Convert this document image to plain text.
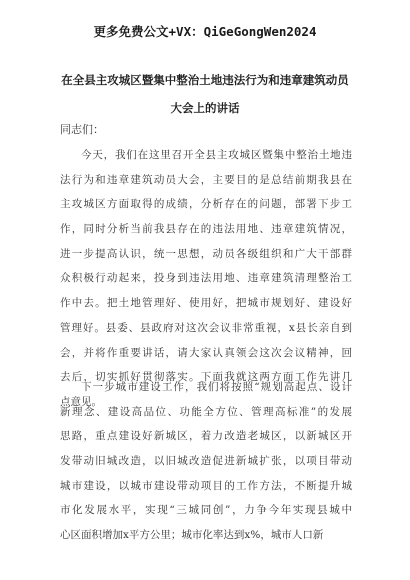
更多免费公文+VX：QiGeGongWen2024
在全县主攻城区暨集中整治土地违法行为和违章建筑动员
大会上的讲话
同志们：
今天，我们在这里召开全县主攻城区暨集中整治土地违
法行为和违章建筑动员大会，主要目的是总结前期我县在
主攻城区方面取得的成绩，分析存在的问题，部署下步工
作，同时分析当前我县存在的违法用地、违章建筑情况，
进一步提高认识，统一思想，动员各级组织和广大干部群
众积极行动起来，投身到违法用地、违章建筑清理整治工
作中去。把土地管理好、使用好，把城市规划好、建设好
管理好。县委、县政府对这次会议非常重视，x县长亲自到
会，并将作重要讲话，请大家认真领会这次会议精神，回
去后，切实抓好贯彻落实。下面我就这两方面工作先讲几
点意见。
下一步城市建设工作，我们将按照“规划高起点、设计
新理念、建设高品位、功能全方位、管理高标准”的发展
思路，重点建设好新城区，着力改造老城区，以新城区开
发带动旧城改造，以旧城改造促进新城扩张，以项目带动
城市建设，以城市建设带动项目的工作方法，不断提升城
市化发展水平，实现“三城同创”，力争今年实现县城中
心区面积增加x平方公里；城市化率达到x%，城市人口新
